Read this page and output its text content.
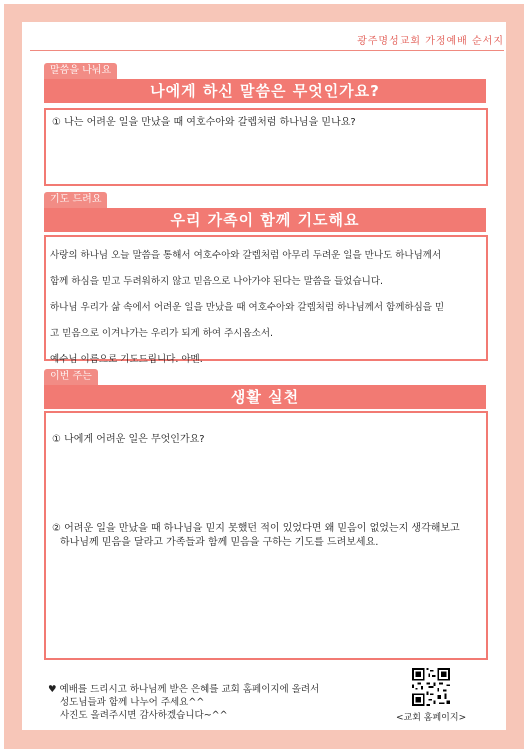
광주명성교회 가정예배 순서지
말씀을 나눠요
나에게 하신 말씀은 무엇인가요?
① 나는 어려운 일을 만났을 때 여호수아와 갈렙처럼 하나님을 믿나요?
기도 드려요
우리 가족이 함께 기도해요

사랑의 하나님 오늘 말씀을 통해서 여호수아와 갈렙처럼 아무리 두려운 일을 만나도 하나님께서

함께 하심을 믿고 두려워하지 않고 믿음으로 나아가야 된다는 말씀을 들었습니다.

하나님 우리가 삶 속에서 어려운 일을 만났을 때 여호수아와 갈렙처럼 하나님께서 함께하심을 믿

고 믿음으로 이겨나가는 우리가 되게 하여 주시옵소서.

예수님 이름으로 기도드립니다. 아멘.

이번 주는
생활 실천
① 나에게 어려운 일은 무엇인가요?
② 어려운 일을 만났을 때 하나님을 믿지 못했던 적이 있었다면 왜 믿음이 없었는지 생각해보고
하나님께 믿음을 달라고 가족들과 함께 믿음을 구하는 기도를 드려보세요.

♥ 예배를 드리시고 하나님께 받은 은혜를 교회 홈페이지에 올려서

성도님들과 함께 나누어 주세요^^

사진도 올려주시면 감사하겠습니다~^^	<교회 홈페이지>
